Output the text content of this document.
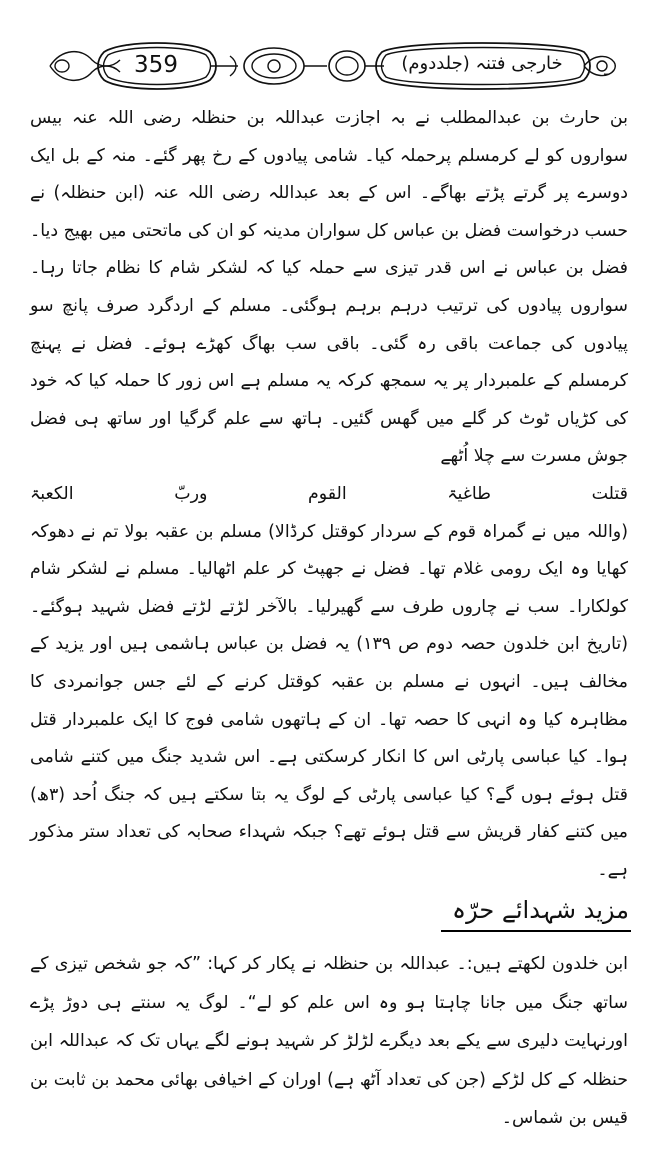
359	خارجی فتنہ (جلددوم)

بن حارث بن عبدالمطلب نے بہ اجازت عبداللہ بن حنظلہ رضی اللہ عنہ بیس سواروں کو لے کرمسلم پرحملہ کیا۔ شامی پیادوں کے رخ پھر گئے۔ منہ کے بل ایک دوسرے پر گرتے پڑتے بھاگے۔ اس کے بعد عبداللہ رضی اللہ عنہ (ابن حنظلہ) نے حسب درخواست فضل بن عباس کل سواران مدینہ کو ان کی ماتحتی میں بھیج دیا۔ فضل بن عباس نے اس قدر تیزی سے حملہ کیا کہ لشکر شام کا نظام جاتا رہا۔ سواروں پیادوں کی ترتیب درہم برہم ہوگئی۔ مسلم کے اردگرد صرف پانچ سو پیادوں کی جماعت باقی رہ گئی۔ باقی سب بھاگ کھڑے ہوئے۔ فضل نے پہنچ کرمسلم کے علمبردار پر یہ سمجھ کرکہ یہ مسلم ہے اس زور کا حملہ کیا کہ خود کی کڑیاں ٹوٹ کر گلے میں گھس گئیں۔ ہاتھ سے علم گرگیا اور ساتھ ہی فضل جوش مسرت سے چلا اُٹھے

قتلت طاغیۃ القوم وربّ الکعبۃ

(واللہ میں نے گمراہ قوم کے سردار کوقتل کرڈالا) مسلم بن عقبہ بولا تم نے دھوکہ کھایا وہ ایک رومی غلام تھا۔ فضل نے جھپٹ کر علم اٹھالیا۔ مسلم نے لشکر شام کولکارا۔ سب نے چاروں طرف سے گھیرلیا۔ بالآخر لڑتے لڑتے فضل شہید ہوگئے۔ (تاریخ ابن خلدون حصہ دوم ص ۱۳۹) یہ فضل بن عباس ہاشمی ہیں اور یزید کے مخالف ہیں۔ انہوں نے مسلم بن عقبہ کوقتل کرنے کے لئے جس جوانمردی کا مظاہرہ کیا وہ انہی کا حصہ تھا۔ ان کے ہاتھوں شامی فوج کا ایک علمبردار قتل ہوا۔ کیا عباسی پارٹی اس کا انکار کرسکتی ہے۔ اس شدید جنگ میں کتنے شامی قتل ہوئے ہوں گے؟ کیا عباسی پارٹی کے لوگ یہ بتا سکتے ہیں کہ جنگ اُحد (۳ھ) میں کتنے کفار قریش سے قتل ہوئے تھے؟ جبکہ شہداء صحابہ کی تعداد ستر مذکور ہے۔

مزید شہدائے حرّہ

ابن خلدون لکھتے ہیں:۔ عبداللہ بن حنظلہ نے پکار کر کہا: ”کہ جو شخص تیزی کے ساتھ جنگ میں جانا چاہتا ہو وہ اس علم کو لے“۔ لوگ یہ سنتے ہی دوڑ پڑے اورنہایت دلیری سے یکے بعد دیگرے لڑلڑ کر شہید ہونے لگے یہاں تک کہ عبداللہ ابن حنظلہ کے کل لڑکے (جن کی تعداد آٹھ ہے) اوران کے اخیافی بھائی محمد بن ثابت بن قیس بن شماس۔
